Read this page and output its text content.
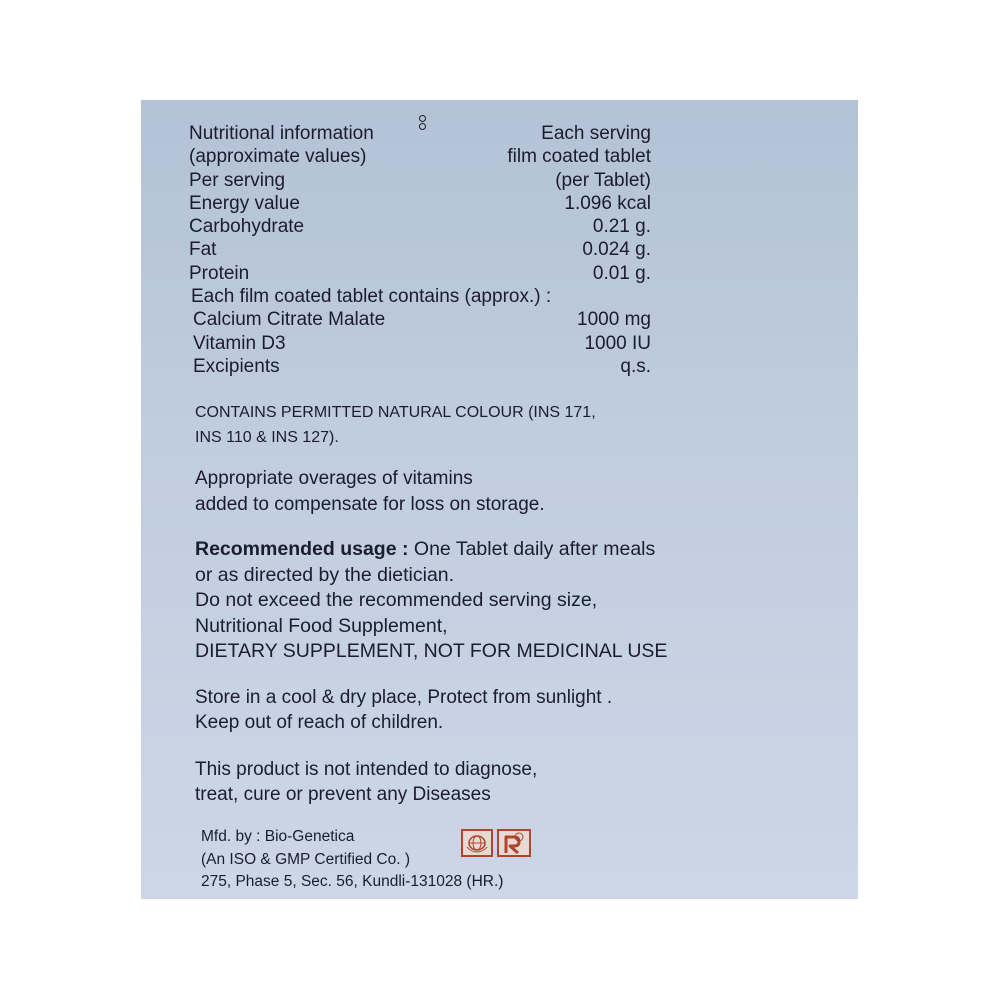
Nutritional information	Each serving
(approximate values)	film coated tablet
Per serving	(per Tablet)
Energy value	1.096 kcal
Carbohydrate	0.21 g.
Fat	0.024 g.
Protein	0.01 g.
Each film coated tablet contains (approx.) :
Calcium Citrate Malate	1000 mg
Vitamin D3	1000 IU
Excipients	q.s.
CONTAINS PERMITTED NATURAL COLOUR (INS 171,
INS 110 & INS 127).
Appropriate overages of vitamins
added to compensate for loss on storage.
Recommended usage : One Tablet daily after meals
or as directed by the dietician.
Do not exceed the recommended serving size,
Nutritional Food Supplement,
DIETARY SUPPLEMENT, NOT FOR MEDICINAL USE
Store in a cool & dry place, Protect from sunlight .
Keep out of reach of children.
This product is not intended to diagnose,
treat, cure or prevent any Diseases
Mfd. by : Bio-Genetica
(An ISO & GMP Certified Co. )
275, Phase 5, Sec. 56, Kundli-131028 (HR.)
